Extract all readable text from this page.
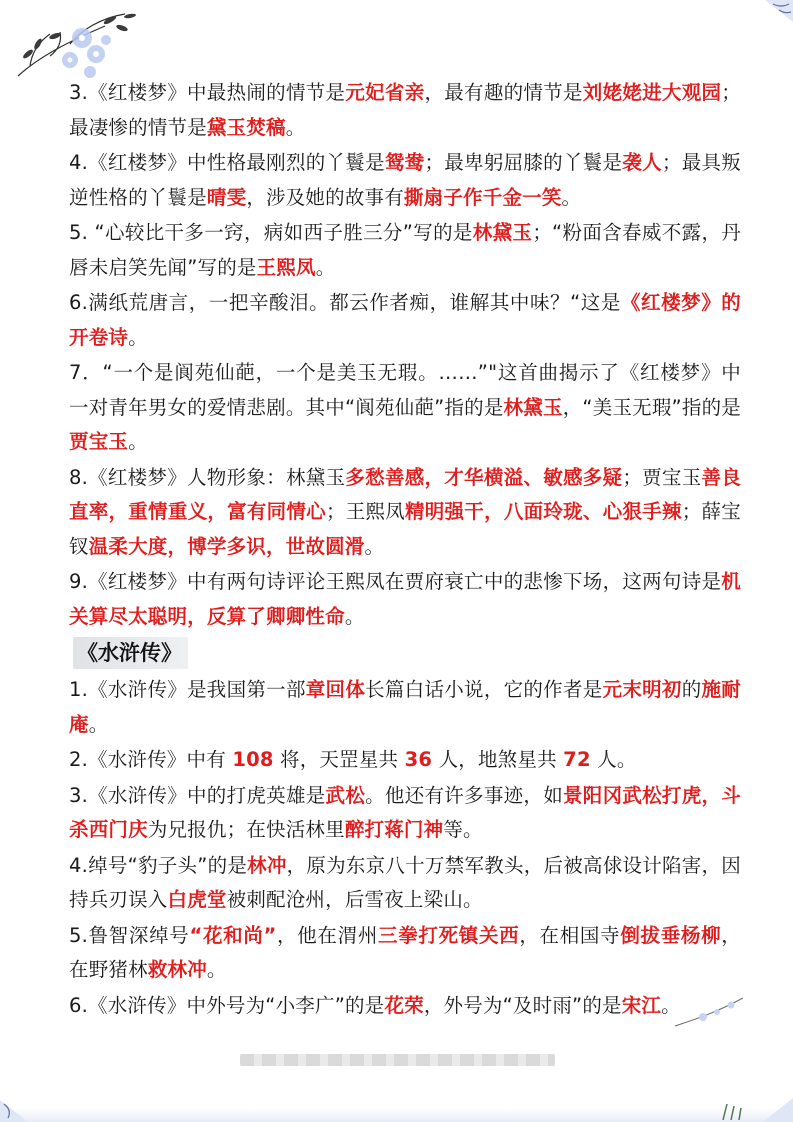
3.《红楼梦》中最热闹的情节是元妃省亲，最有趣的情节是刘姥姥进大观园；最凄惨的情节是黛玉焚稿。
4.《红楼梦》中性格最刚烈的丫鬟是鸳鸯；最卑躬屈膝的丫鬟是袭人；最具叛逆性格的丫鬟是晴雯，涉及她的故事有撕扇子作千金一笑。
5. “心较比干多一窍，病如西子胜三分”写的是林黛玉；“粉面含春威不露，丹唇未启笑先闻”写的是王熙凤。
6.满纸荒唐言，一把辛酸泪。都云作者痴，谁解其中味？“这是《红楼梦》的开卷诗。
7．“一个是阆苑仙葩，一个是美玉无瑕。……”"这首曲揭示了《红楼梦》中一对青年男女的爱情悲剧。其中“阆苑仙葩”指的是林黛玉，“美玉无瑕”指的是贾宝玉。
8.《红楼梦》人物形象：林黛玉多愁善感，才华横溢、敏感多疑；贾宝玉善良直率，重情重义，富有同情心；王熙凤精明强干，八面玲珑、心狠手辣；薛宝钗温柔大度，博学多识，世故圆滑。
9.《红楼梦》中有两句诗评论王熙凤在贾府衰亡中的悲惨下场，这两句诗是机关算尽太聪明，反算了卿卿性命。
《水浒传》
1.《水浒传》是我国第一部章回体长篇白话小说，它的作者是元末明初的施耐庵。
2.《水浒传》中有 108 将，天罡星共 36 人，地煞星共 72 人。
3.《水浒传》中的打虎英雄是武松。他还有许多事迹，如景阳冈武松打虎，斗杀西门庆为兄报仇；在快活林里醉打蒋门神等。
4.绰号“豹子头”的是林冲，原为东京八十万禁军教头，后被高俅设计陷害，因持兵刃误入白虎堂被刺配沧州，后雪夜上梁山。
5.鲁智深绰号“花和尚”，他在渭州三拳打死镇关西，在相国寺倒拔垂杨柳，在野猪林救林冲。
6.《水浒传》中外号为“小李广”的是花荣，外号为“及时雨”的是宋江。
